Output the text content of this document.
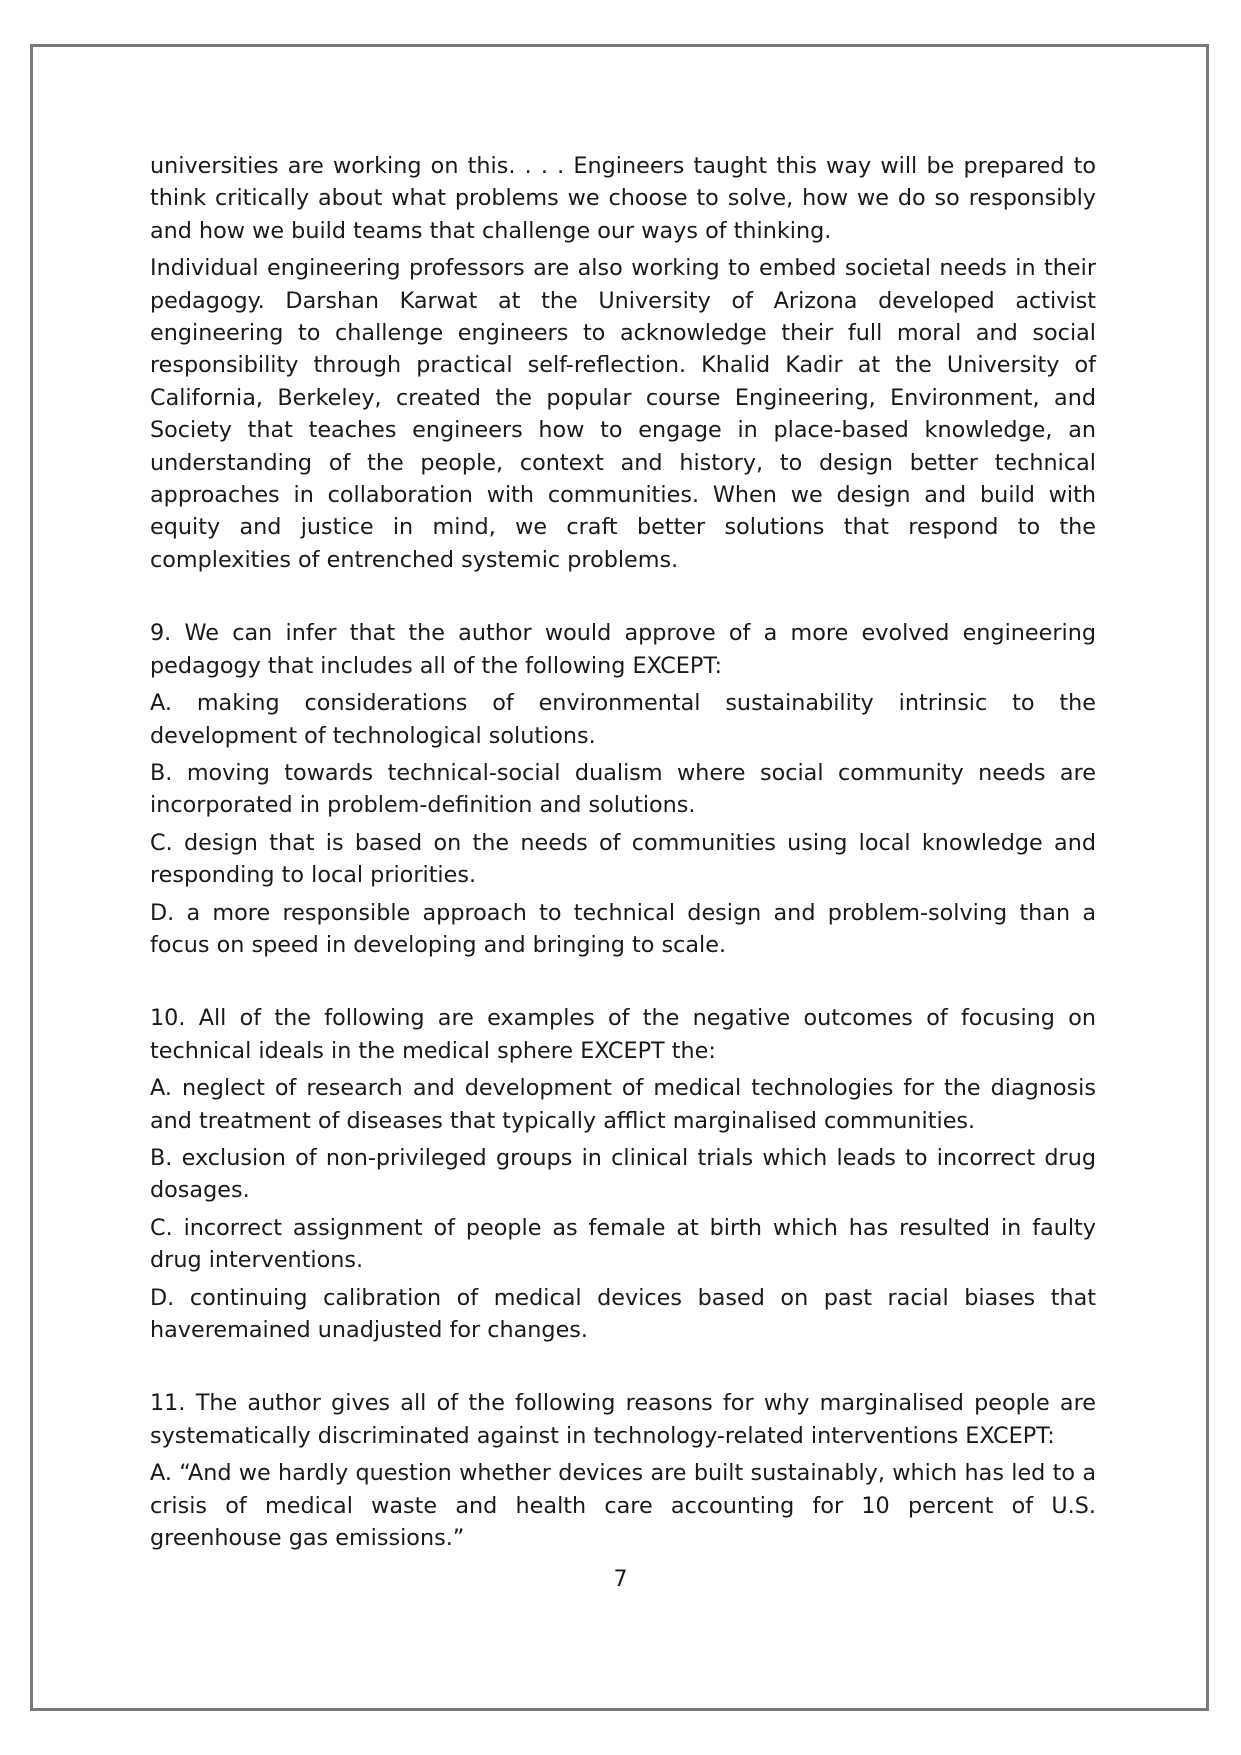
universities are working on this. . . . Engineers taught this way will be prepared to think critically about what problems we choose to solve, how we do so responsibly and how we build teams that challenge our ways of thinking.

Individual engineering professors are also working to embed societal needs in their pedagogy. Darshan Karwat at the University of Arizona developed activist engineering to challenge engineers to acknowledge their full moral and social responsibility through practical self-reflection. Khalid Kadir at the University of California, Berkeley, created the popular course Engineering, Environment, and Society that teaches engineers how to engage in place-based knowledge, an understanding of the people, context and history, to design better technical approaches in collaboration with communities. When we design and build with equity and justice in mind, we craft better solutions that respond to the complexities of entrenched systemic problems.

9. We can infer that the author would approve of a more evolved engineering pedagogy that includes all of the following EXCEPT:

A. making considerations of environmental sustainability intrinsic to the development of technological solutions.

B. moving towards technical-social dualism where social community needs are incorporated in problem-definition and solutions.

C. design that is based on the needs of communities using local knowledge and responding to local priorities.

D. a more responsible approach to technical design and problem-solving than a focus on speed in developing and bringing to scale.

10. All of the following are examples of the negative outcomes of focusing on technical ideals in the medical sphere EXCEPT the:

A. neglect of research and development of medical technologies for the diagnosis and treatment of diseases that typically afflict marginalised communities.

B. exclusion of non-privileged groups in clinical trials which leads to incorrect drug dosages.

C. incorrect assignment of people as female at birth which has resulted in faulty drug interventions.

D. continuing calibration of medical devices based on past racial biases that haveremained unadjusted for changes.

11. The author gives all of the following reasons for why marginalised people are systematically discriminated against in technology-related interventions EXCEPT:

A. “And we hardly question whether devices are built sustainably, which has led to a crisis of medical waste and health care accounting for 10 percent of U.S. greenhouse gas emissions.”

7
